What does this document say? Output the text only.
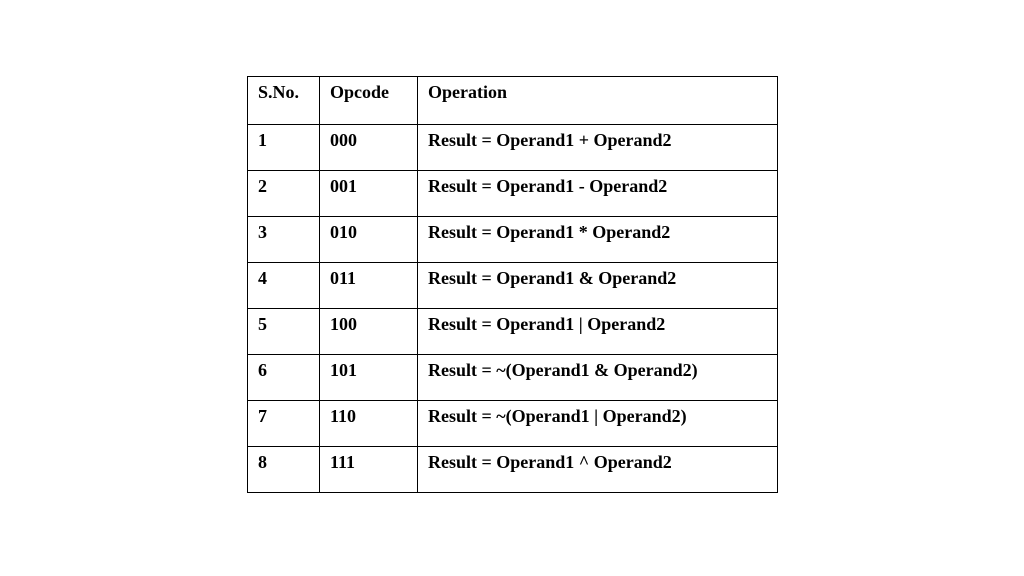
S.No.	Opcode	Operation
1	000	Result = Operand1 + Operand2
2	001	Result = Operand1 - Operand2
3	010	Result = Operand1 * Operand2
4	011	Result = Operand1 & Operand2
5	100	Result = Operand1 | Operand2
6	101	Result = ~(Operand1 & Operand2)
7	110	Result = ~(Operand1 | Operand2)
8	111	Result = Operand1 ^ Operand2
